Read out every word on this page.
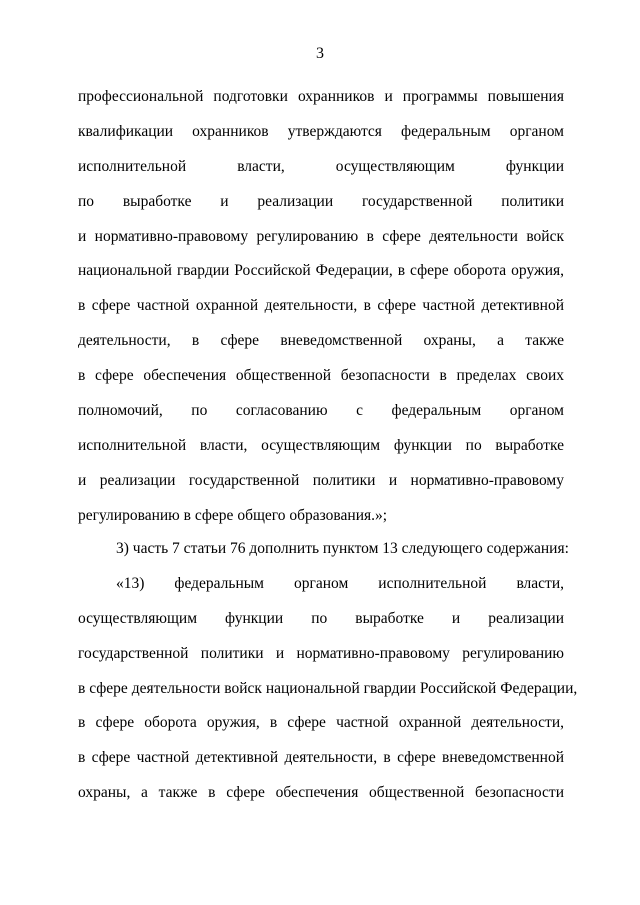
3
профессиональной подготовки охранников и программы повышения
квалификации охранников утверждаются федеральным органом
исполнительной власти, осуществляющим функции
по выработке и реализации государственной политики
и нормативно-правовому регулированию в сфере деятельности войск
национальной гвардии Российской Федерации, в сфере оборота оружия,
в сфере частной охранной деятельности, в сфере частной детективной
деятельности, в сфере вневедомственной охраны, а также
в сфере обеспечения общественной безопасности в пределах своих
полномочий, по согласованию с федеральным органом
исполнительной власти, осуществляющим функции по выработке
и реализации государственной политики и нормативно-правовому
регулированию в сфере общего образования.»;
3) часть 7 статьи 76 дополнить пунктом 13 следующего содержания:
«13) федеральным органом исполнительной власти,
осуществляющим функции по выработке и реализации
государственной политики и нормативно-правовому регулированию
в сфере деятельности войск национальной гвардии Российской Федерации,
в сфере оборота оружия, в сфере частной охранной деятельности,
в сфере частной детективной деятельности, в сфере вневедомственной
охраны, а также в сфере обеспечения общественной безопасности
